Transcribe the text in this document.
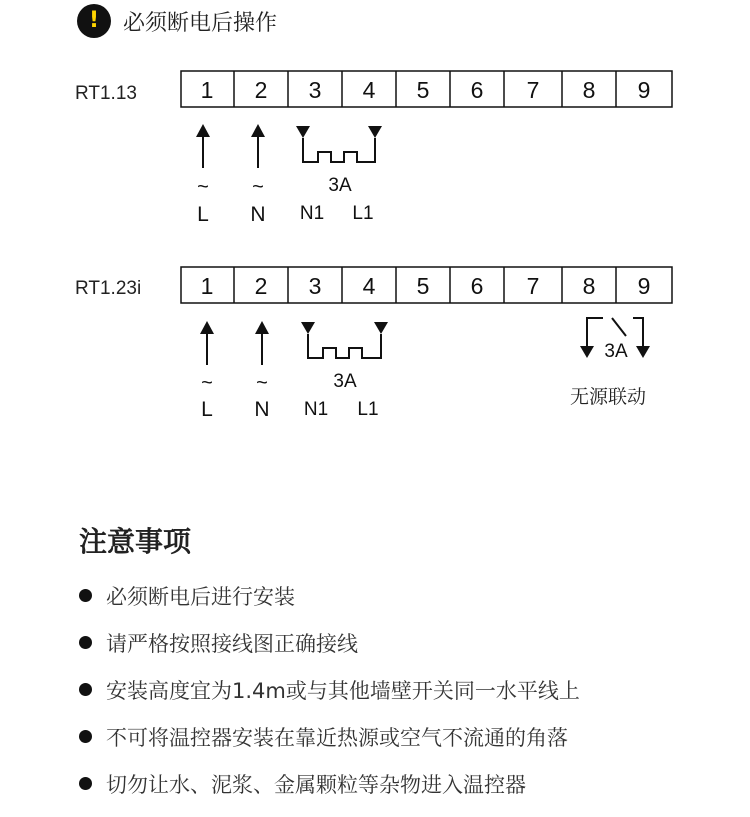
! 必须断电后操作
RT1.13	1 2 3 4 5 6 7 8 9
~ ~
L N
3A
N1 L1
RT1.23i	1 2 3 4 5 6 7 8 9
~ ~
L N
3A
N1 L1
3A
无源联动
注意事项
必须断电后进行安装
请严格按照接线图正确接线
安装高度宜为1.4m或与其他墙壁开关同一水平线上
不可将温控器安装在靠近热源或空气不流通的角落
切勿让水、泥浆、金属颗粒等杂物进入温控器
